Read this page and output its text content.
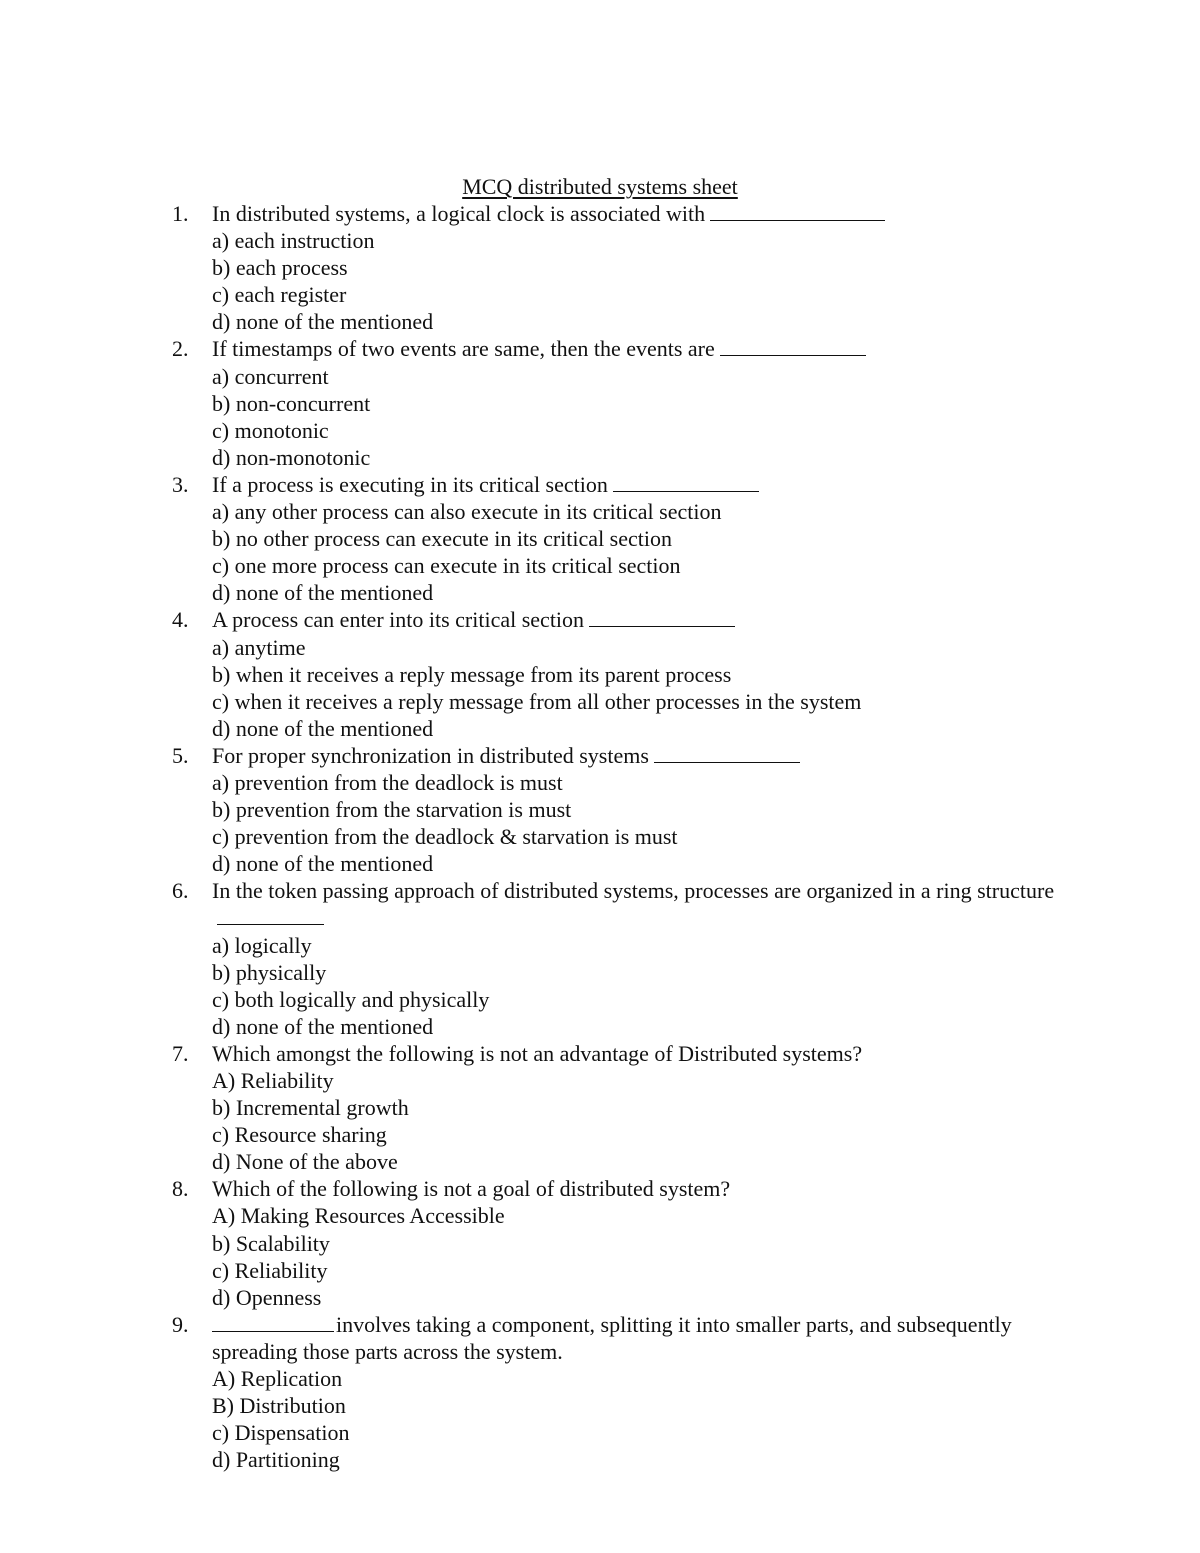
MCQ distributed systems sheet
1.	In distributed systems, a logical clock is associated with
a) each instruction
b) each process
c) each register
d) none of the mentioned
2.	If timestamps of two events are same, then the events are
a) concurrent
b) non-concurrent
c) monotonic
d) non-monotonic
3.	If a process is executing in its critical section
a) any other process can also execute in its critical section
b) no other process can execute in its critical section
c) one more process can execute in its critical section
d) none of the mentioned
4.	A process can enter into its critical section
a) anytime
b) when it receives a reply message from its parent process
c) when it receives a reply message from all other processes in the system
d) none of the mentioned
5.	For proper synchronization in distributed systems
a) prevention from the deadlock is must
b) prevention from the starvation is must
c) prevention from the deadlock & starvation is must
d) none of the mentioned
6.	In the token passing approach of distributed systems, processes are organized in a ring structure
a) logically
b) physically
c) both logically and physically
d) none of the mentioned
7.	Which amongst the following is not an advantage of Distributed systems?
A) Reliability
b) Incremental growth
c) Resource sharing
d) None of the above
8.	Which of the following is not a goal of distributed system?
A) Making Resources Accessible
b) Scalability
c) Reliability
d) Openness
9.	involves taking a component, splitting it into smaller parts, and subsequently spreading those parts across the system.
A) Replication
B) Distribution
c) Dispensation
d) Partitioning
